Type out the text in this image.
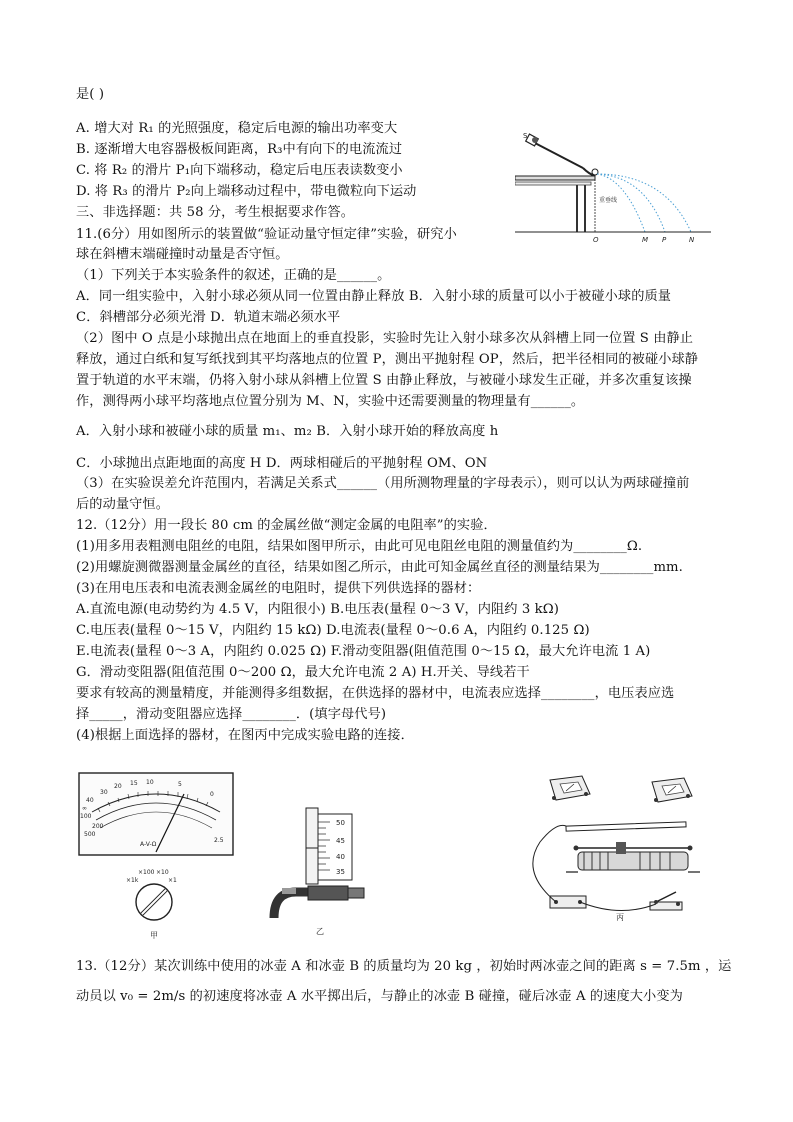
是( )
A. 增大对 R₁ 的光照强度，稳定后电源的输出功率变大
B. 逐渐增大电容器极板间距离，R₃中有向下的电流流过
C. 将 R₂ 的滑片 P₁向下端移动，稳定后电压表读数变小
D. 将 R₃ 的滑片 P₂向上端移动过程中，带电微粒向下运动
三、非选择题：共 58 分，考生根据要求作答。
11.(6分）用如图所示的装置做“验证动量守恒定律”实验，研究小
球在斜槽末端碰撞时动量是否守恒。
（1）下列关于本实验条件的叙述，正确的是______。
A．同一组实验中，入射小球必须从同一位置由静止释放 B．入射小球的质量可以小于被碰小球的质量
C．斜槽部分必须光滑 D．轨道末端必须水平
（2）图中 O 点是小球抛出点在地面上的垂直投影，实验时先让入射小球多次从斜槽上同一位置 S 由静止
释放，通过白纸和复写纸找到其平均落地点的位置 P，测出平抛射程 OP，然后，把半径相同的被碰小球静
置于轨道的水平末端，仍将入射小球从斜槽上位置 S 由静止释放，与被碰小球发生正碰，并多次重复该操
作，测得两小球平均落地点位置分别为 M、N，实验中还需要测量的物理量有______。
A．入射小球和被碰小球的质量 m₁、m₂ B．入射小球开始的释放高度 h
C．小球抛出点距地面的高度 H D．两球相碰后的平抛射程 OM、ON
（3）在实验误差允许范围内，若满足关系式______（用所测物理量的字母表示），则可以认为两球碰撞前
后的动量守恒。
12.（12分）用一段长 80 cm 的金属丝做“测定金属的电阻率”的实验．
(1)用多用表粗测电阻丝的电阻，结果如图甲所示，由此可见电阻丝电阻的测量值约为________Ω.
(2)用螺旋测微器测量金属丝的直径，结果如图乙所示，由此可知金属丝直径的测量结果为________mm.
(3)在用电压表和电流表测金属丝的电阻时，提供下列供选择的器材：
A.直流电源(电动势约为 4.5 V，内阻很小) B.电压表(量程 0～3 V，内阻约 3 kΩ)
C.电压表(量程 0～15 V，内阻约 15 kΩ) D.电流表(量程 0～0.6 A，内阻约 0.125 Ω)
E.电流表(量程 0～3 A，内阻约 0.025 Ω) F.滑动变阻器(阻值范围 0～15 Ω，最大允许电流 1 A)
G．滑动变阻器(阻值范围 0～200 Ω，最大允许电流 2 A) H.开关、导线若干
要求有较高的测量精度，并能测得多组数据，在供选择的器材中，电流表应选择________，电压表应选
择_____，滑动变阻器应选择________．(填字母代号)
(4)根据上面选择的器材，在图丙中完成实验电路的连接．
13.（12分）某次训练中使用的冰壶 A 和冰壶 B 的质量均为 20 kg ，初始时两冰壶之间的距离 s = 7.5m ，运
动员以 v₀ = 2m/s 的初速度将冰壶 A 水平掷出后，与静止的冰壶 B 碰撞，碰后冰壶 A 的速度大小变为
S
重垂线
O	M P	N
40
30
20 15 10	5
0
100
200
500
∞
2.5
A-V-Ω
×1k
×100 ×10
×1
甲
50
45
40
35
乙
丙
